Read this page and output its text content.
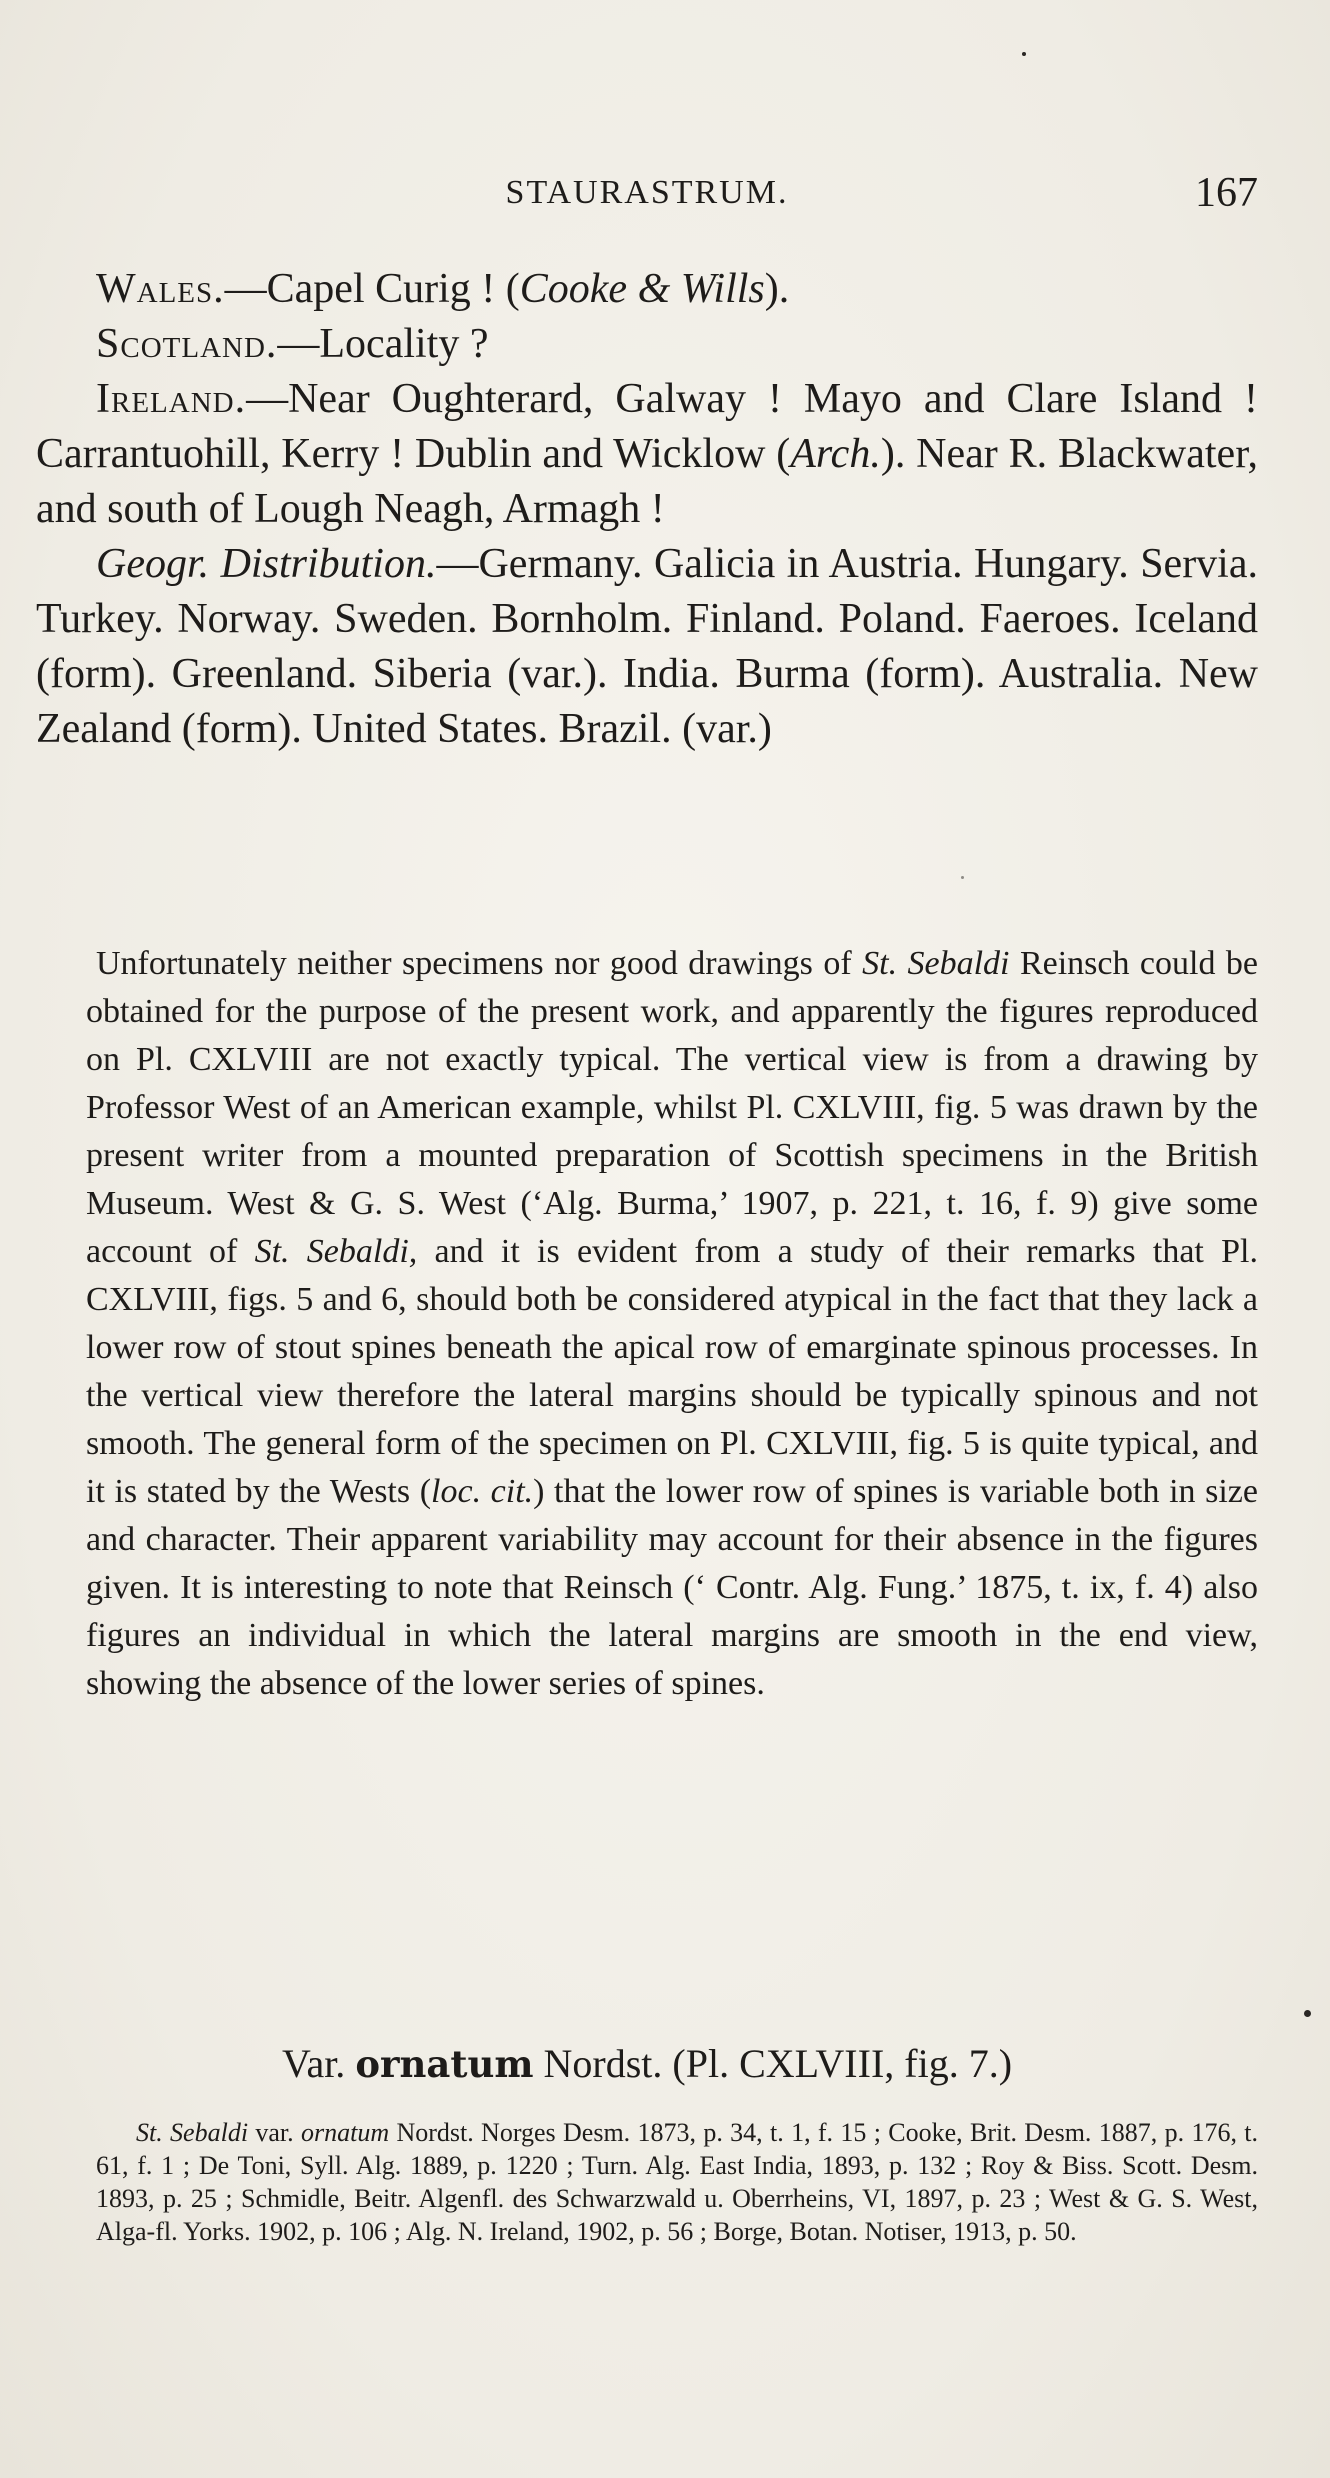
STAURASTRUM.	167

Wales.—Capel Curig ! (Cooke & Wills).

Scotland.—Locality ?

Ireland.—Near Oughterard, Galway ! Mayo and Clare Island ! Carrantuohill, Kerry ! Dublin and Wicklow (Arch.). Near R. Blackwater, and south of Lough Neagh, Armagh !

Geogr. Distribution.—Germany. Galicia in Austria. Hungary. Servia. Turkey. Norway. Sweden. Bornholm. Finland. Poland. Faeroes. Iceland (form). Greenland. Siberia (var.). India. Burma (form). Australia. New Zealand (form). United States. Brazil. (var.)

Unfortunately neither specimens nor good drawings of St. Sebaldi Reinsch could be obtained for the purpose of the present work, and apparently the figures reproduced on Pl. CXLVIII are not exactly typical. The vertical view is from a drawing by Professor West of an American example, whilst Pl. CXLVIII, fig. 5 was drawn by the present writer from a mounted preparation of Scottish specimens in the British Museum. West & G. S. West (‘Alg. Burma,’ 1907, p. 221, t. 16, f. 9) give some account of St. Sebaldi, and it is evident from a study of their remarks that Pl. CXLVIII, figs. 5 and 6, should both be considered atypical in the fact that they lack a lower row of stout spines beneath the apical row of emarginate spinous processes. In the vertical view therefore the lateral margins should be typically spinous and not smooth. The general form of the specimen on Pl. CXLVIII, fig. 5 is quite typical, and it is stated by the Wests (loc. cit.) that the lower row of spines is variable both in size and character. Their apparent variability may account for their absence in the figures given. It is interesting to note that Reinsch (‘ Contr. Alg. Fung.’ 1875, t. ix, f. 4) also figures an individual in which the lateral margins are smooth in the end view, showing the absence of the lower series of spines.

Var. ornatum Nordst. (Pl. CXLVIII, fig. 7.)

St. Sebaldi var. ornatum Nordst. Norges Desm. 1873, p. 34, t. 1, f. 15 ; Cooke, Brit. Desm. 1887, p. 176, t. 61, f. 1 ; De Toni, Syll. Alg. 1889, p. 1220 ; Turn. Alg. East India, 1893, p. 132 ; Roy & Biss. Scott. Desm. 1893, p. 25 ; Schmidle, Beitr. Algenfl. des Schwarzwald u. Oberrheins, VI, 1897, p. 23 ; West & G. S. West, Alga-fl. Yorks. 1902, p. 106 ; Alg. N. Ireland, 1902, p. 56 ; Borge, Botan. Notiser, 1913, p. 50.
